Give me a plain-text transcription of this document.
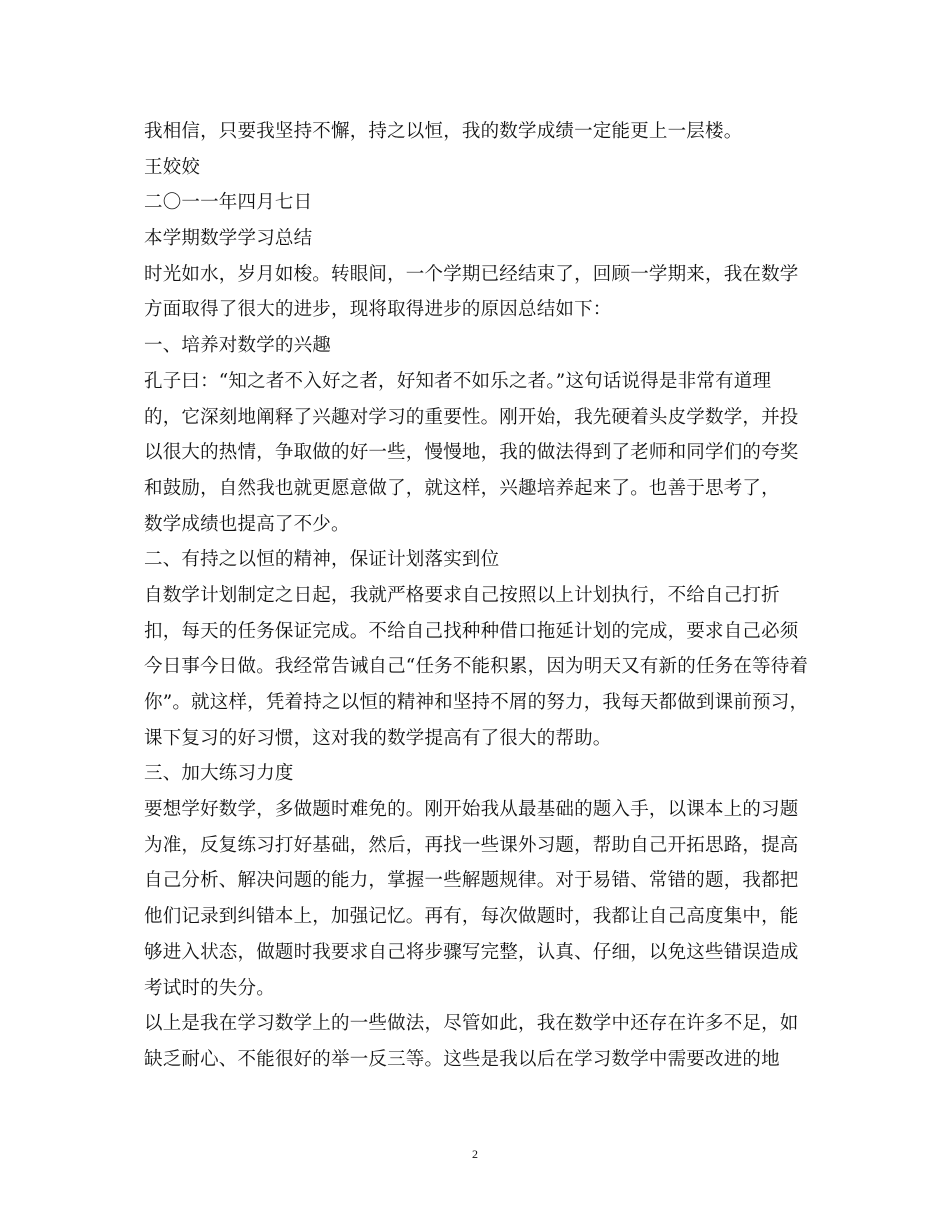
我相信，只要我坚持不懈，持之以恒，我的数学成绩一定能更上一层楼。
王姣姣
二〇一一年四月七日
本学期数学学习总结
时光如水，岁月如梭。转眼间，一个学期已经结束了，回顾一学期来，我在数学
方面取得了很大的进步，现将取得进步的原因总结如下：
一、培养对数学的兴趣
孔子曰：“知之者不入好之者，好知者不如乐之者。”这句话说得是非常有道理
的，它深刻地阐释了兴趣对学习的重要性。刚开始，我先硬着头皮学数学，并投
以很大的热情，争取做的好一些，慢慢地，我的做法得到了老师和同学们的夸奖
和鼓励，自然我也就更愿意做了，就这样，兴趣培养起来了。也善于思考了，
数学成绩也提高了不少。
二、有持之以恒的精神，保证计划落实到位
自数学计划制定之日起，我就严格要求自己按照以上计划执行，不给自己打折
扣，每天的任务保证完成。不给自己找种种借口拖延计划的完成，要求自己必须
今日事今日做。我经常告诫自己“任务不能积累，因为明天又有新的任务在等待着
你”。就这样，凭着持之以恒的精神和坚持不屑的努力，我每天都做到课前预习，
课下复习的好习惯，这对我的数学提高有了很大的帮助。
三、加大练习力度
要想学好数学，多做题时难免的。刚开始我从最基础的题入手，以课本上的习题
为准，反复练习打好基础，然后，再找一些课外习题，帮助自己开拓思路，提高
自己分析、解决问题的能力，掌握一些解题规律。对于易错、常错的题，我都把
他们记录到纠错本上，加强记忆。再有，每次做题时，我都让自己高度集中，能
够进入状态，做题时我要求自己将步骤写完整，认真、仔细，以免这些错误造成
考试时的失分。
以上是我在学习数学上的一些做法，尽管如此，我在数学中还存在许多不足，如
缺乏耐心、不能很好的举一反三等。这些是我以后在学习数学中需要改进的地
2
